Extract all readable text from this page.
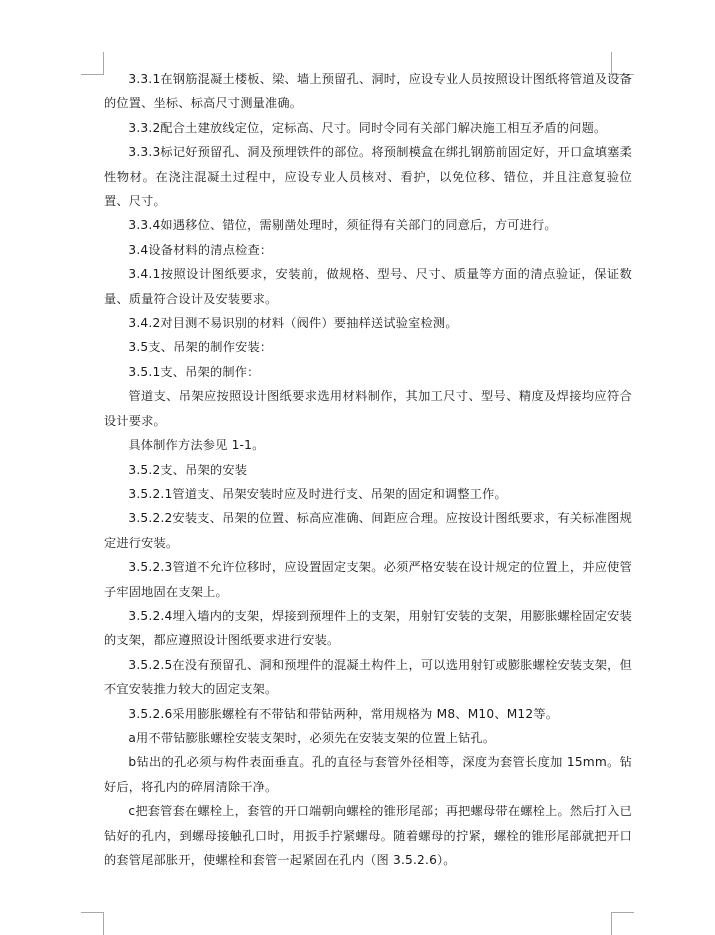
3.3.1在钢筋混凝土楼板、梁、墙上预留孔、洞时，应设专业人员按照设计图纸将管道及设备的位置、坐标、标高尺寸测量准确。

3.3.2配合土建放线定位，定标高、尺寸。同时令同有关部门解决施工相互矛盾的问题。

3.3.3标记好预留孔、洞及预埋铁件的部位。将预制模盒在绑扎钢筋前固定好，开口盒填塞柔性物材。在浇注混凝土过程中，应设专业人员核对、看护，以免位移、错位，并且注意复验位置、尺寸。

3.3.4如遇移位、错位，需剔凿处理时，须征得有关部门的同意后，方可进行。

3.4设备材料的清点检查：

3.4.1按照设计图纸要求，安装前，做规格、型号、尺寸、质量等方面的清点验证，保证数量、质量符合设计及安装要求。

3.4.2对目测不易识别的材料（阀件）要抽样送试验室检测。

3.5支、吊架的制作安装：

3.5.1支、吊架的制作：

管道支、吊架应按照设计图纸要求选用材料制作，其加工尺寸、型号、精度及焊接均应符合设计要求。

具体制作方法参见 1-1。

3.5.2支、吊架的安装

3.5.2.1管道支、吊架安装时应及时进行支、吊架的固定和调整工作。

3.5.2.2安装支、吊架的位置、标高应准确、间距应合理。应按设计图纸要求，有关标准图规定进行安装。

3.5.2.3管道不允许位移时，应设置固定支架。必须严格安装在设计规定的位置上，并应使管子牢固地固在支架上。

3.5.2.4埋入墙内的支架，焊接到预埋件上的支架，用射钉安装的支架，用膨胀螺栓固定安装的支架，都应遵照设计图纸要求进行安装。

3.5.2.5在没有预留孔、洞和预埋件的混凝土构件上，可以选用射钉或膨胀螺栓安装支架，但不宜安装推力较大的固定支架。

3.5.2.6采用膨胀螺栓有不带钻和带钻两种，常用规格为 M8、M10、M12等。

a用不带钻膨胀螺栓安装支架时，必须先在安装支架的位置上钻孔。

b钻出的孔必须与构件表面垂直。孔的直径与套管外径相等，深度为套管长度加 15mm。钻好后，将孔内的碎屑清除干净。

c把套管套在螺栓上，套管的开口端朝向螺栓的锥形尾部；再把螺母带在螺栓上。然后打入已钻好的孔内，到螺母接触孔口时，用扳手拧紧螺母。随着螺母的拧紧，螺栓的锥形尾部就把开口的套管尾部胀开，使螺栓和套管一起紧固在孔内（图 3.5.2.6）。
